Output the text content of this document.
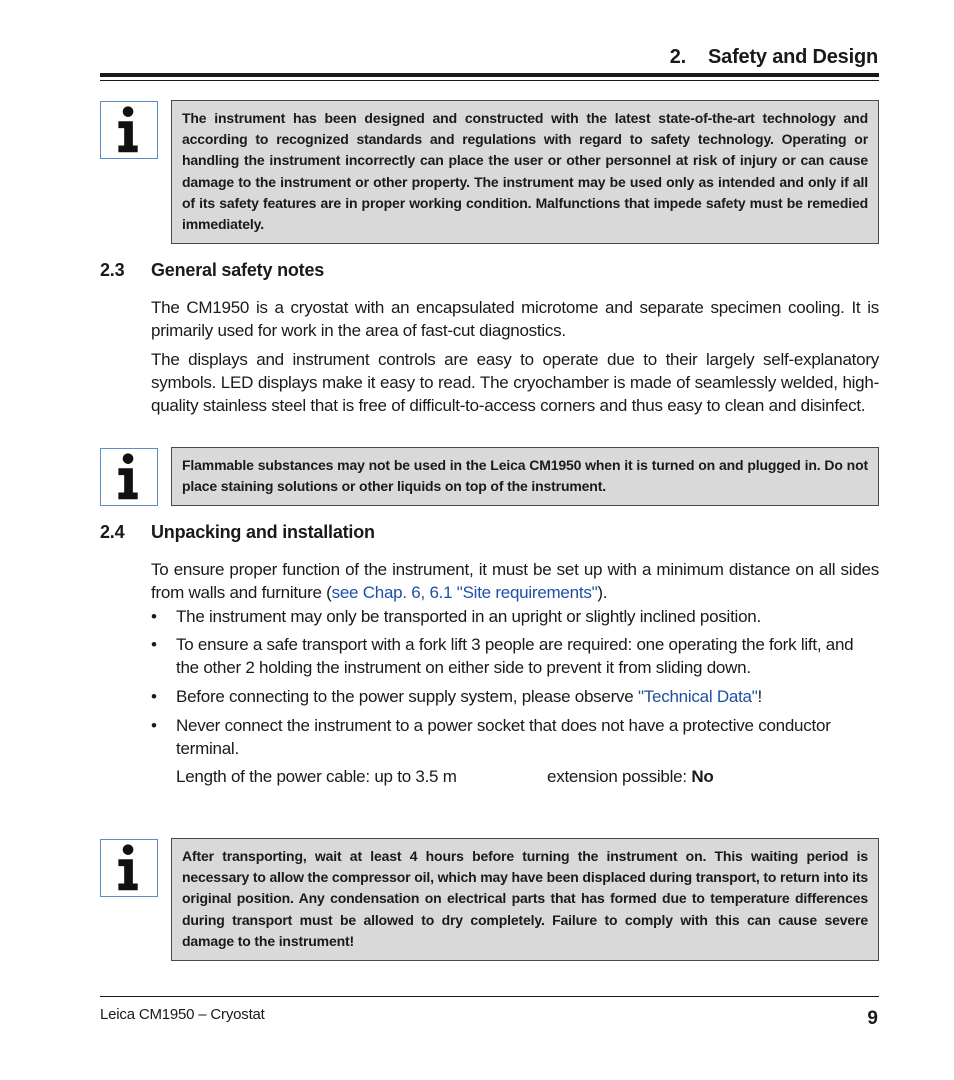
2. Safety and Design
The instrument has been designed and constructed with the latest state-of-the-art technology and according to recognized standards and regulations with regard to safety technology. Operating or handling the instrument incorrectly can place the user or other personnel at risk of injury or can cause damage to the instrument or other property. The instrument may be used only as intended and only if all of its safety features are in proper working condition. Malfunctions that impede safety must be remedied immediately.
2.3 General safety notes
The CM1950 is a cryostat with an encapsulated microtome and separate specimen cooling. It is primarily used for work in the area of fast-cut diagnostics.
The displays and instrument controls are easy to operate due to their largely self-explanatory symbols. LED displays make it easy to read. The cryochamber is made of seamlessly welded, high-quality stainless steel that is free of difficult-to-access corners and thus easy to clean and disinfect.
Flammable substances may not be used in the Leica CM1950 when it is turned on and plugged in. Do not place staining solutions or other liquids on top of the instrument.
2.4 Unpacking and installation
To ensure proper function of the instrument, it must be set up with a minimum distance on all sides from walls and furniture (see Chap. 6, 6.1 "Site requirements").
• The instrument may only be transported in an upright or slightly inclined position.
• To ensure a safe transport with a fork lift 3 people are required: one operating the fork lift, and the other 2 holding the instrument on either side to prevent it from sliding down.
• Before connecting to the power supply system, please observe "Technical Data"!
• Never connect the instrument to a power socket that does not have a protective conductor terminal.
Length of the power cable: up to 3.5 m	extension possible: No
After transporting, wait at least 4 hours before turning the instrument on. This waiting period is necessary to allow the compressor oil, which may have been displaced during transport, to return into its original position. Any condensation on electrical parts that has formed due to temperature differences during transport must be allowed to dry completely. Failure to comply with this can cause severe damage to the instrument!
Leica CM1950 – Cryostat	9
